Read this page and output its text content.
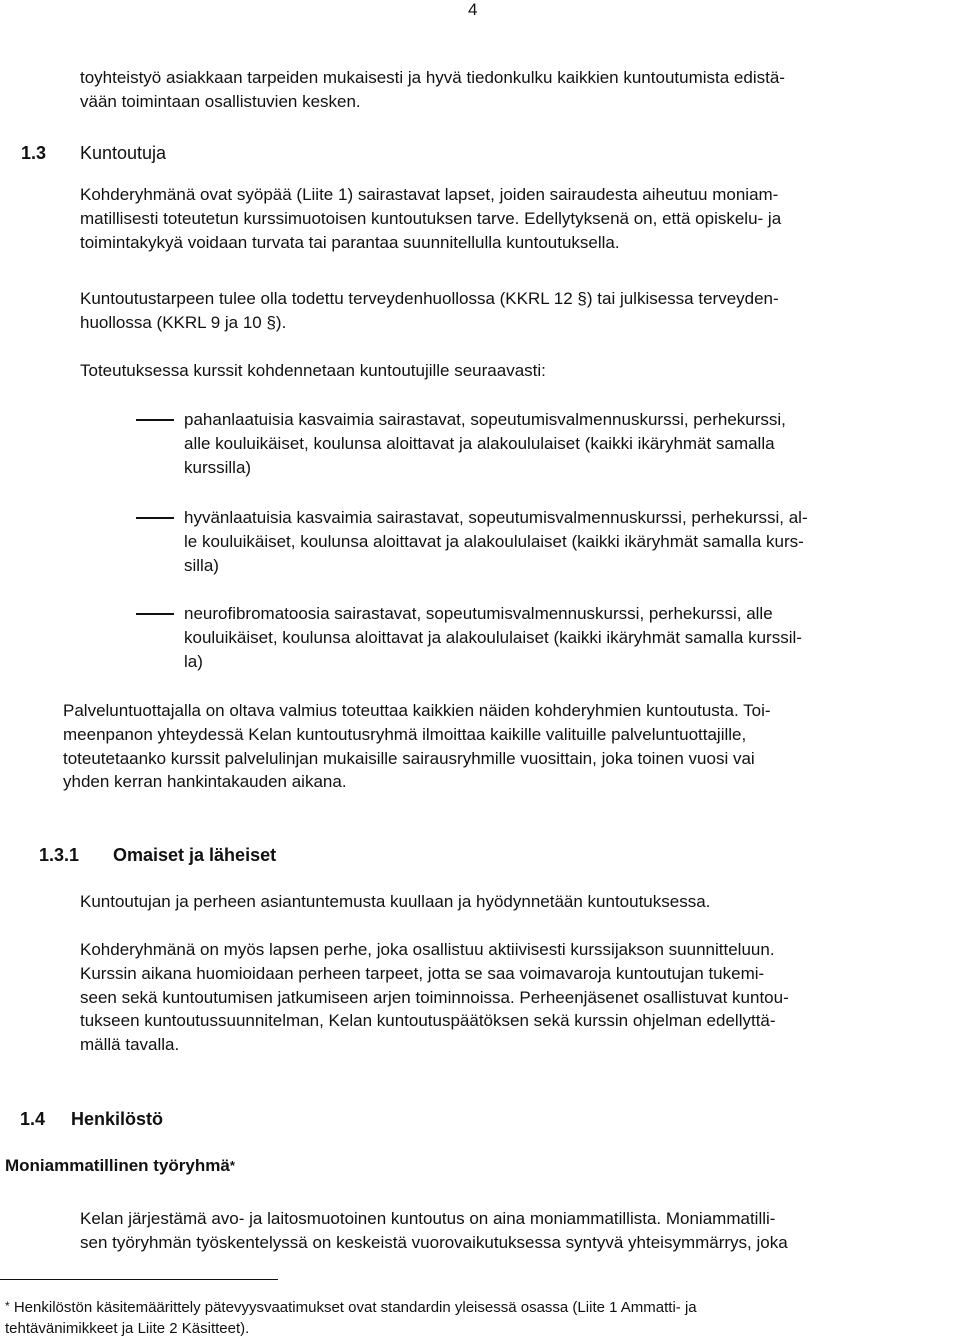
4

toyhteistyö asiakkaan tarpeiden mukaisesti ja hyvä tiedonkulku kaikkien kuntoutumista edistä-

vään toimintaan osallistuvien kesken.

1.3 Kuntoutuja

Kohderyhmänä ovat syöpää (Liite 1) sairastavat lapset, joiden sairaudesta aiheutuu moniam-

matillisesti toteutetun kurssimuotoisen kuntoutuksen tarve. Edellytyksenä on, että opiskelu- ja

toimintakykyä voidaan turvata tai parantaa suunnitellulla kuntoutuksella.

Kuntoutustarpeen tulee olla todettu terveydenhuollossa (KKRL 12 §) tai julkisessa terveyden-

huollossa (KKRL 9 ja 10 §).

Toteutuksessa kurssit kohdennetaan kuntoutujille seuraavasti:

pahanlaatuisia kasvaimia sairastavat, sopeutumisvalmennuskurssi, perhekurssi,

alle kouluikäiset, koulunsa aloittavat ja alakoululaiset (kaikki ikäryhmät samalla

kurssilla)

hyvänlaatuisia kasvaimia sairastavat, sopeutumisvalmennuskurssi, perhekurssi, al-

le kouluikäiset, koulunsa aloittavat ja alakoululaiset (kaikki ikäryhmät samalla kurs-

silla)

neurofibromatoosia sairastavat, sopeutumisvalmennuskurssi, perhekurssi, alle

kouluikäiset, koulunsa aloittavat ja alakoululaiset (kaikki ikäryhmät samalla kurssil-

la)

Palveluntuottajalla on oltava valmius toteuttaa kaikkien näiden kohderyhmien kuntoutusta. Toi-

meenpanon yhteydessä Kelan kuntoutusryhmä ilmoittaa kaikille valituille palveluntuottajille,

toteutetaanko kurssit palvelulinjan mukaisille sairausryhmille vuosittain, joka toinen vuosi vai

yhden kerran hankintakauden aikana.

1.3.1 Omaiset ja läheiset

Kuntoutujan ja perheen asiantuntemusta kuullaan ja hyödynnetään kuntoutuksessa.

Kohderyhmänä on myös lapsen perhe, joka osallistuu aktiivisesti kurssijakson suunnitteluun.

Kurssin aikana huomioidaan perheen tarpeet, jotta se saa voimavaroja kuntoutujan tukemi-

seen sekä kuntoutumisen jatkumiseen arjen toiminnoissa. Perheenjäsenet osallistuvat kuntou-

tukseen kuntoutussuunnitelman, Kelan kuntoutuspäätöksen sekä kurssin ohjelman edellyttä-

mällä tavalla.

1.4 Henkilöstö
Moniammatillinen työryhmä*

Kelan järjestämä avo- ja laitosmuotoinen kuntoutus on aina moniammatillista. Moniammatilli-

sen työryhmän työskentelyssä on keskeistä vuorovaikutuksessa syntyvä yhteisymmärrys, joka

* Henkilöstön käsitemäärittely pätevyysvaatimukset ovat standardin yleisessä osassa (Liite 1 Ammatti- ja

tehtävänimikkeet ja Liite 2 Käsitteet).
